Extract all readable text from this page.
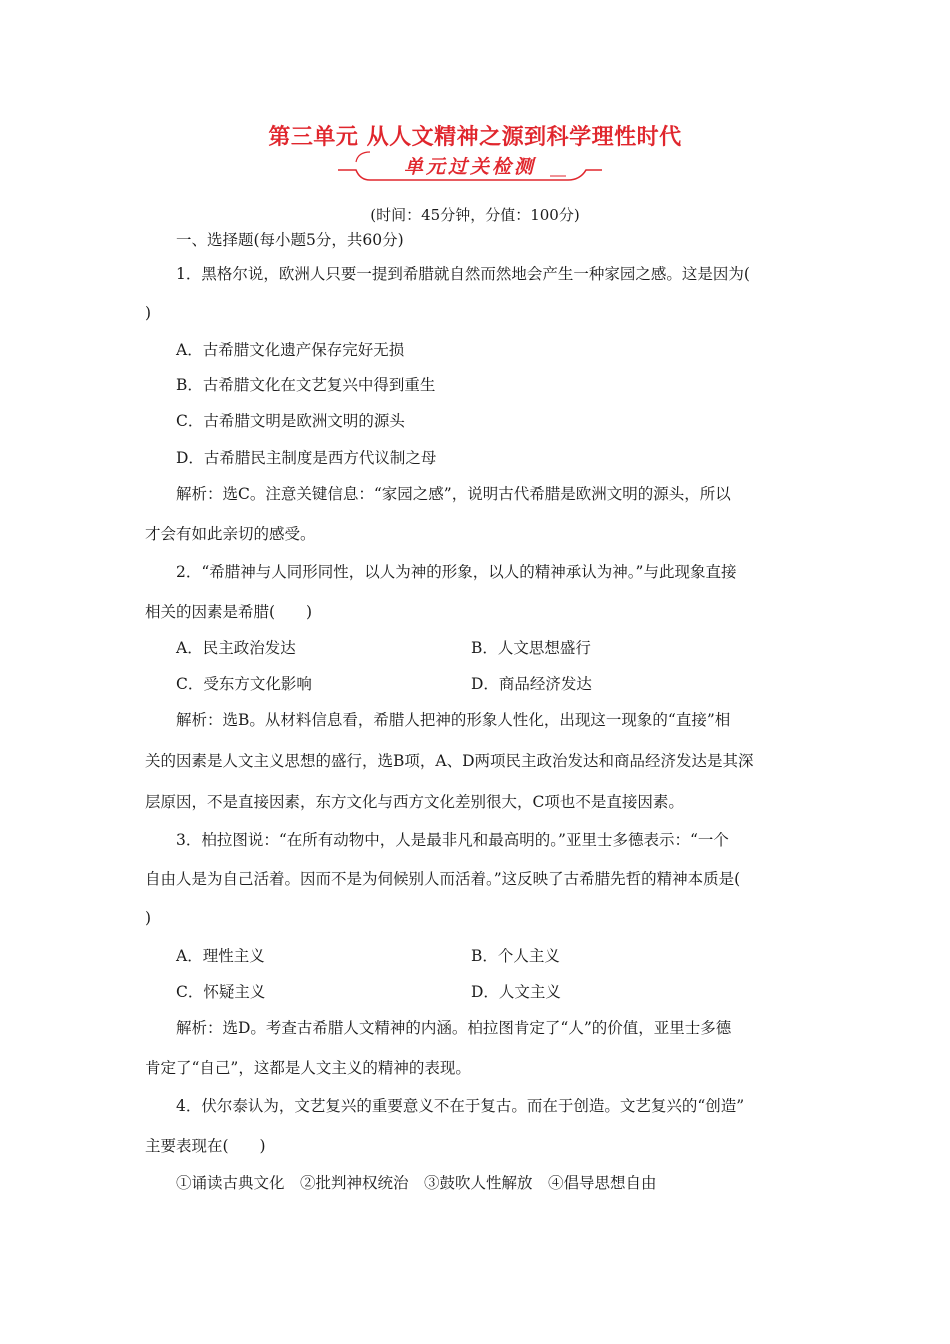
第三单元 从人文精神之源到科学理性时代
单元过关检测
(时间：45分钟，分值：100分)
一、选择题(每小题5分，共60分)
1．黑格尔说，欧洲人只要一提到希腊就自然而然地会产生一种家园之感。这是因为(
)
A．古希腊文化遗产保存完好无损
B．古希腊文化在文艺复兴中得到重生
C．古希腊文明是欧洲文明的源头
D．古希腊民主制度是西方代议制之母
解析：选C。注意关键信息：“家园之感”，说明古代希腊是欧洲文明的源头，所以
才会有如此亲切的感受。
2．“希腊神与人同形同性，以人为神的形象，以人的精神承认为神。”与此现象直接
相关的因素是希腊(　　)
A．民主政治发达	B．人文思想盛行
C．受东方文化影响	D．商品经济发达
解析：选B。从材料信息看，希腊人把神的形象人性化，出现这一现象的“直接”相
关的因素是人文主义思想的盛行，选B项，A、D两项民主政治发达和商品经济发达是其深
层原因，不是直接因素，东方文化与西方文化差别很大，C项也不是直接因素。
3．柏拉图说：“在所有动物中，人是最非凡和最高明的。”亚里士多德表示：“一个
自由人是为自己活着。因而不是为伺候别人而活着。”这反映了古希腊先哲的精神本质是(
)
A．理性主义	B．个人主义
C．怀疑主义	D．人文主义
解析：选D。考查古希腊人文精神的内涵。柏拉图肯定了“人”的价值，亚里士多德
肯定了“自己”，这都是人文主义的精神的表现。
4．伏尔泰认为，文艺复兴的重要意义不在于复古。而在于创造。文艺复兴的“创造”
主要表现在(　　)
①诵读古典文化　②批判神权统治　③鼓吹人性解放　④倡导思想自由
